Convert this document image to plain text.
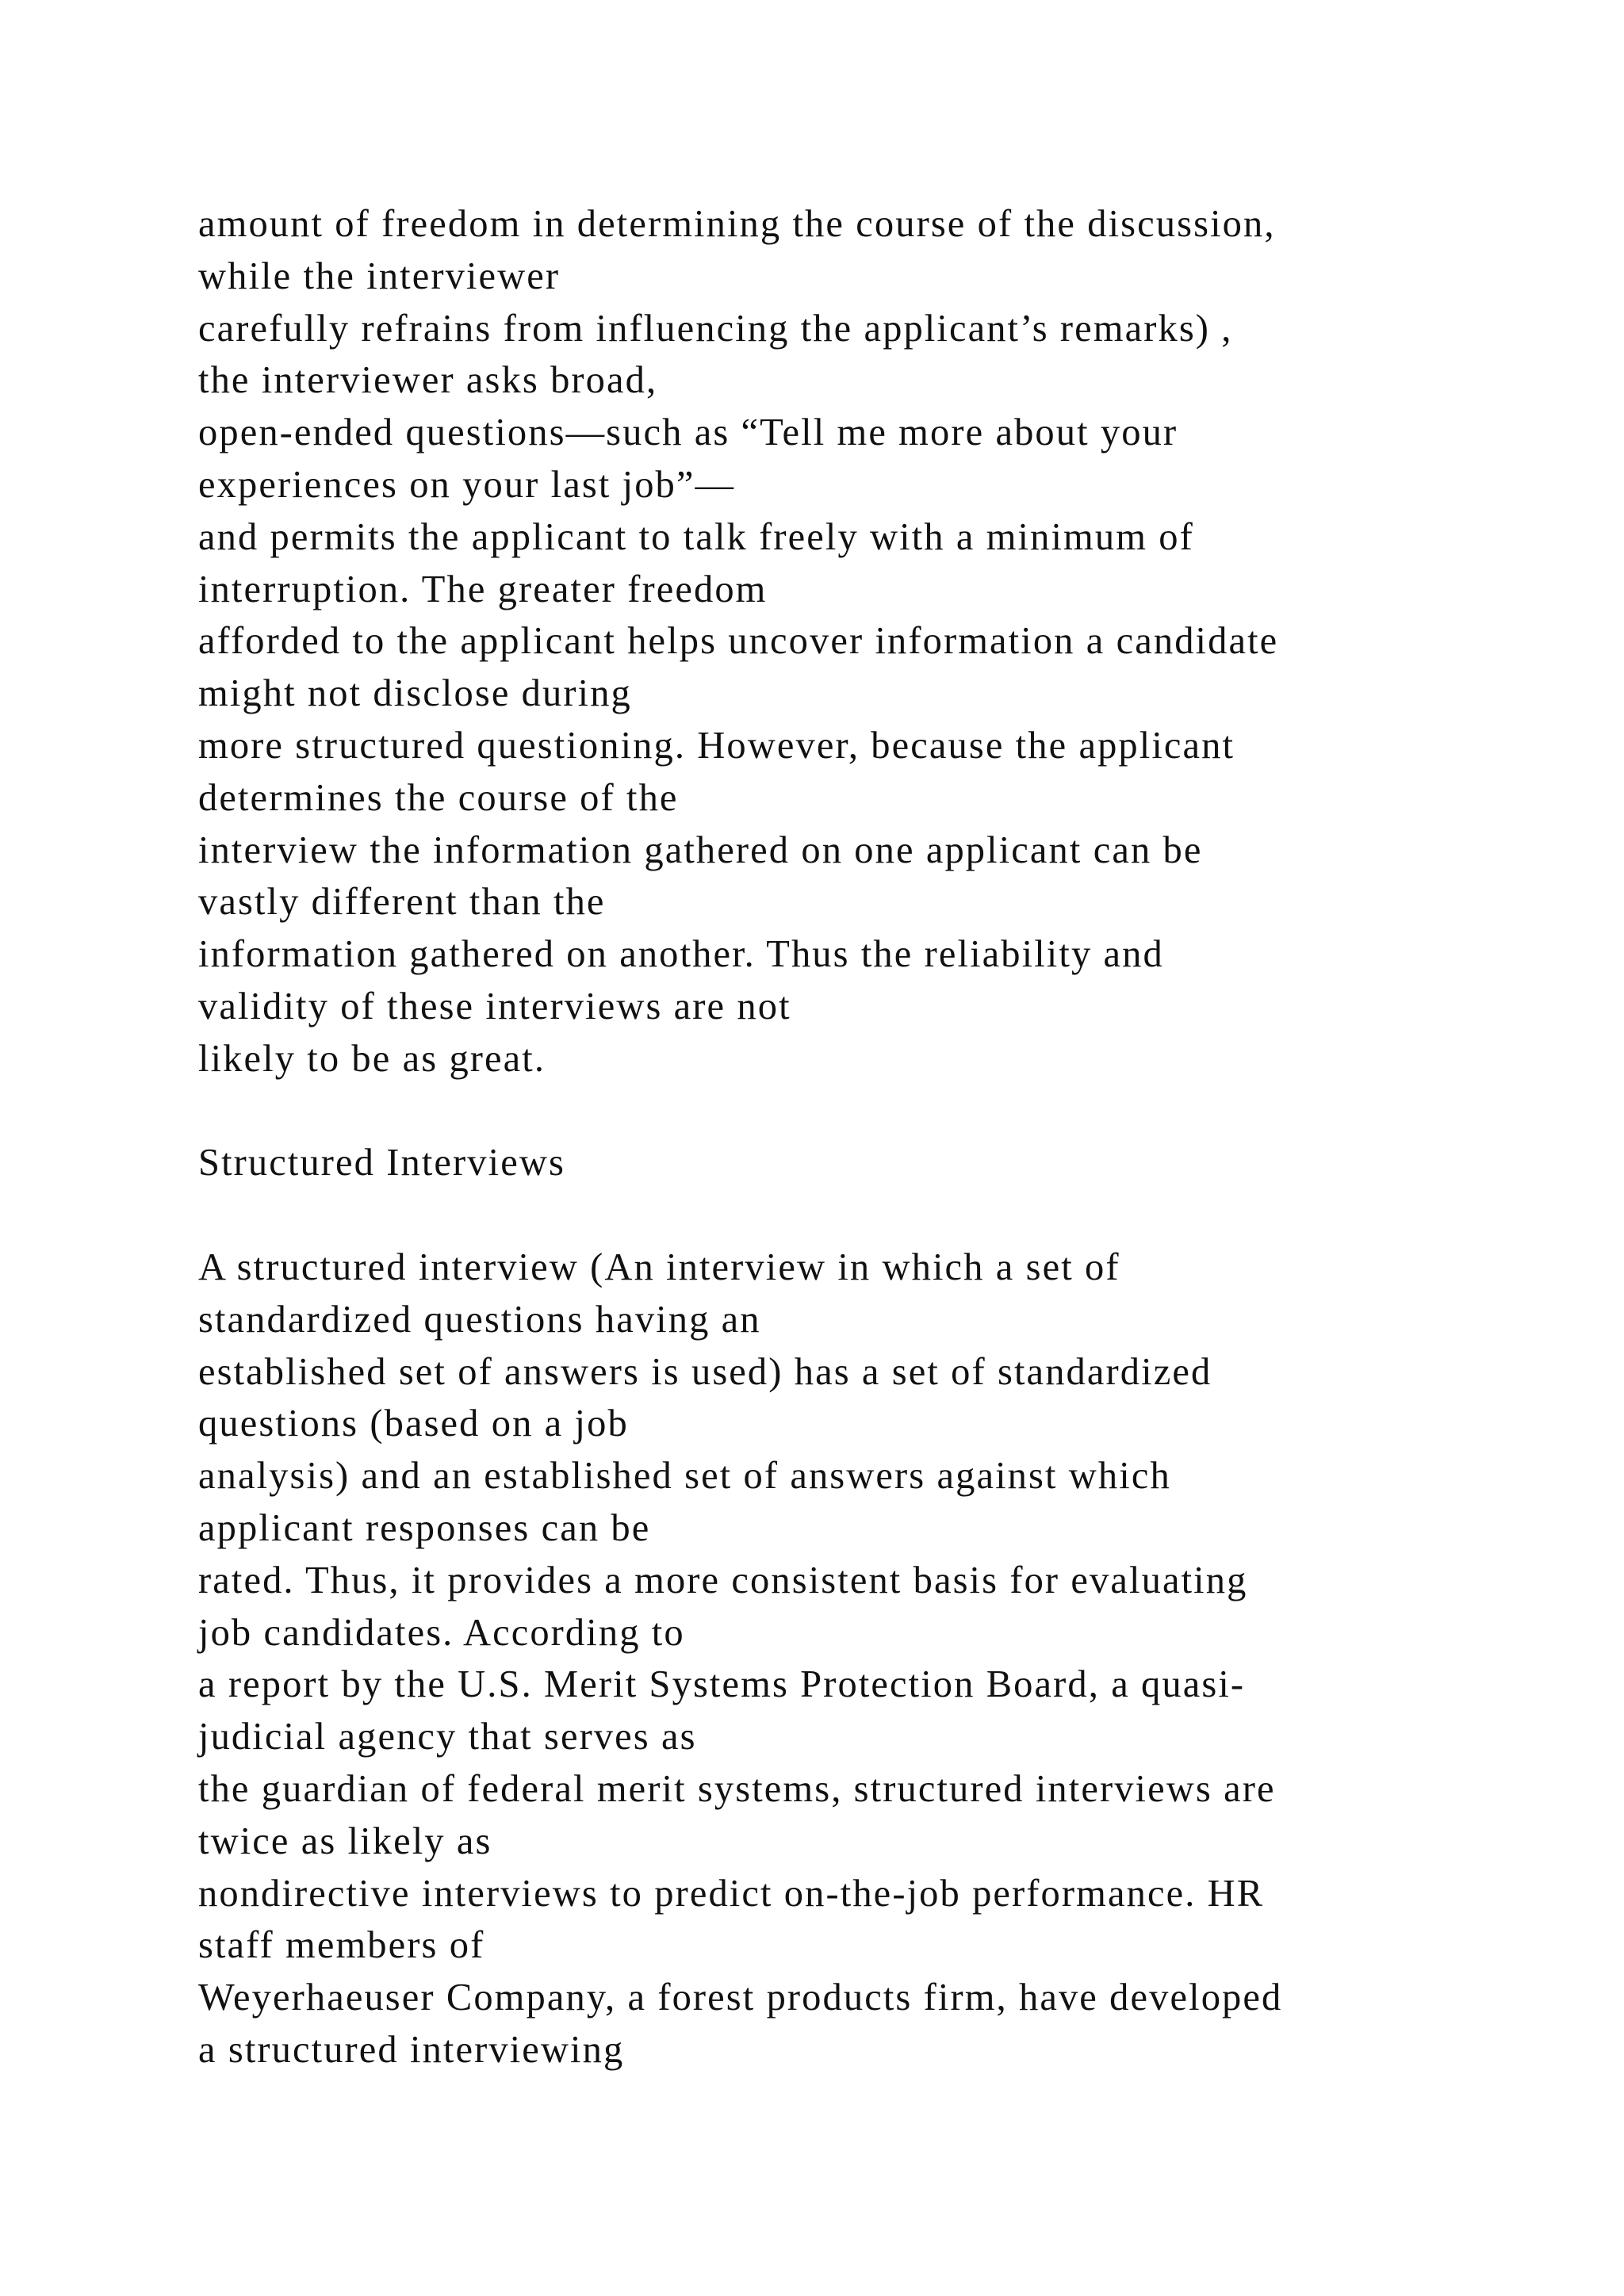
amount of freedom in determining the course of the discussion,
while the interviewer
carefully refrains from influencing the applicant’s remarks) ,
the interviewer asks broad,
open-ended questions—such as “Tell me more about your
experiences on your last job”—
and permits the applicant to talk freely with a minimum of
interruption. The greater freedom
afforded to the applicant helps uncover information a candidate
might not disclose during
more structured questioning. However, because the applicant
determines the course of the
interview the information gathered on one applicant can be
vastly different than the
information gathered on another. Thus the reliability and
validity of these interviews are not
likely to be as great.
Structured Interviews
A structured interview (An interview in which a set of
standardized questions having an
established set of answers is used) has a set of standardized
questions (based on a job
analysis) and an established set of answers against which
applicant responses can be
rated. Thus, it provides a more consistent basis for evaluating
job candidates. According to
a report by the U.S. Merit Systems Protection Board, a quasi-
judicial agency that serves as
the guardian of federal merit systems, structured interviews are
twice as likely as
nondirective interviews to predict on-the-job performance. HR
staff members of
Weyerhaeuser Company, a forest products firm, have developed
a structured interviewing
